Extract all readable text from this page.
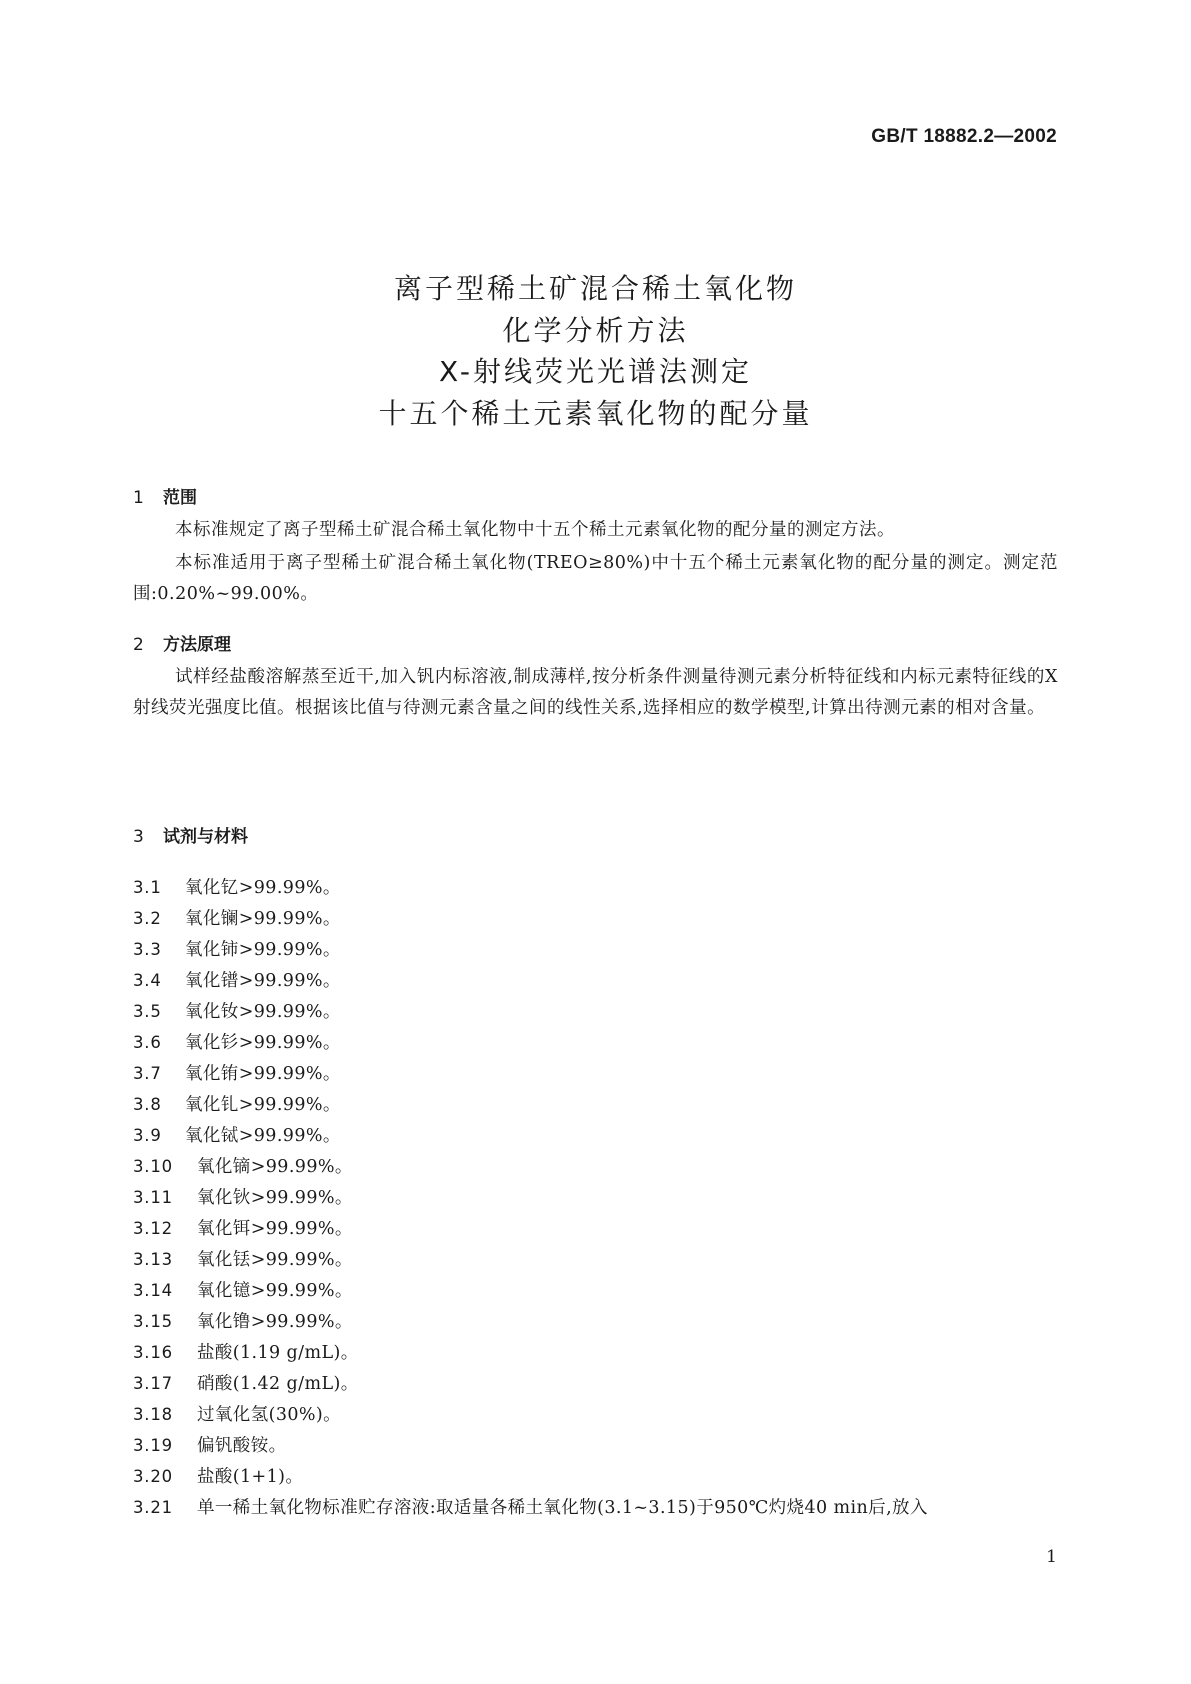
GB/T 18882.2—2002
离子型稀土矿混合稀土氧化物
化学分析方法
X-射线荧光光谱法测定
十五个稀土元素氧化物的配分量
1 范围
本标准规定了离子型稀土矿混合稀土氧化物中十五个稀土元素氧化物的配分量的测定方法。
本标准适用于离子型稀土矿混合稀土氧化物(TREO≥80%)中十五个稀土元素氧化物的配分量的测定。测定范围:0.20%~99.00%。
2 方法原理
试样经盐酸溶解蒸至近干,加入钒内标溶液,制成薄样,按分析条件测量待测元素分析特征线和内标元素特征线的X射线荧光强度比值。根据该比值与待测元素含量之间的线性关系,选择相应的数学模型,计算出待测元素的相对含量。
3 试剂与材料
3.1 氧化钇>99.99%。
3.2 氧化镧>99.99%。
3.3 氧化铈>99.99%。
3.4 氧化镨>99.99%。
3.5 氧化钕>99.99%。
3.6 氧化钐>99.99%。
3.7 氧化铕>99.99%。
3.8 氧化钆>99.99%。
3.9 氧化铽>99.99%。
3.10 氧化镝>99.99%。
3.11 氧化钬>99.99%。
3.12 氧化铒>99.99%。
3.13 氧化铥>99.99%。
3.14 氧化镱>99.99%。
3.15 氧化镥>99.99%。
3.16 盐酸(1.19 g/mL)。
3.17 硝酸(1.42 g/mL)。
3.18 过氧化氢(30%)。
3.19 偏钒酸铵。
3.20 盐酸(1+1)。
3.21 单一稀土氧化物标准贮存溶液:取适量各稀土氧化物(3.1~3.15)于950℃灼烧40 min后,放入
1
